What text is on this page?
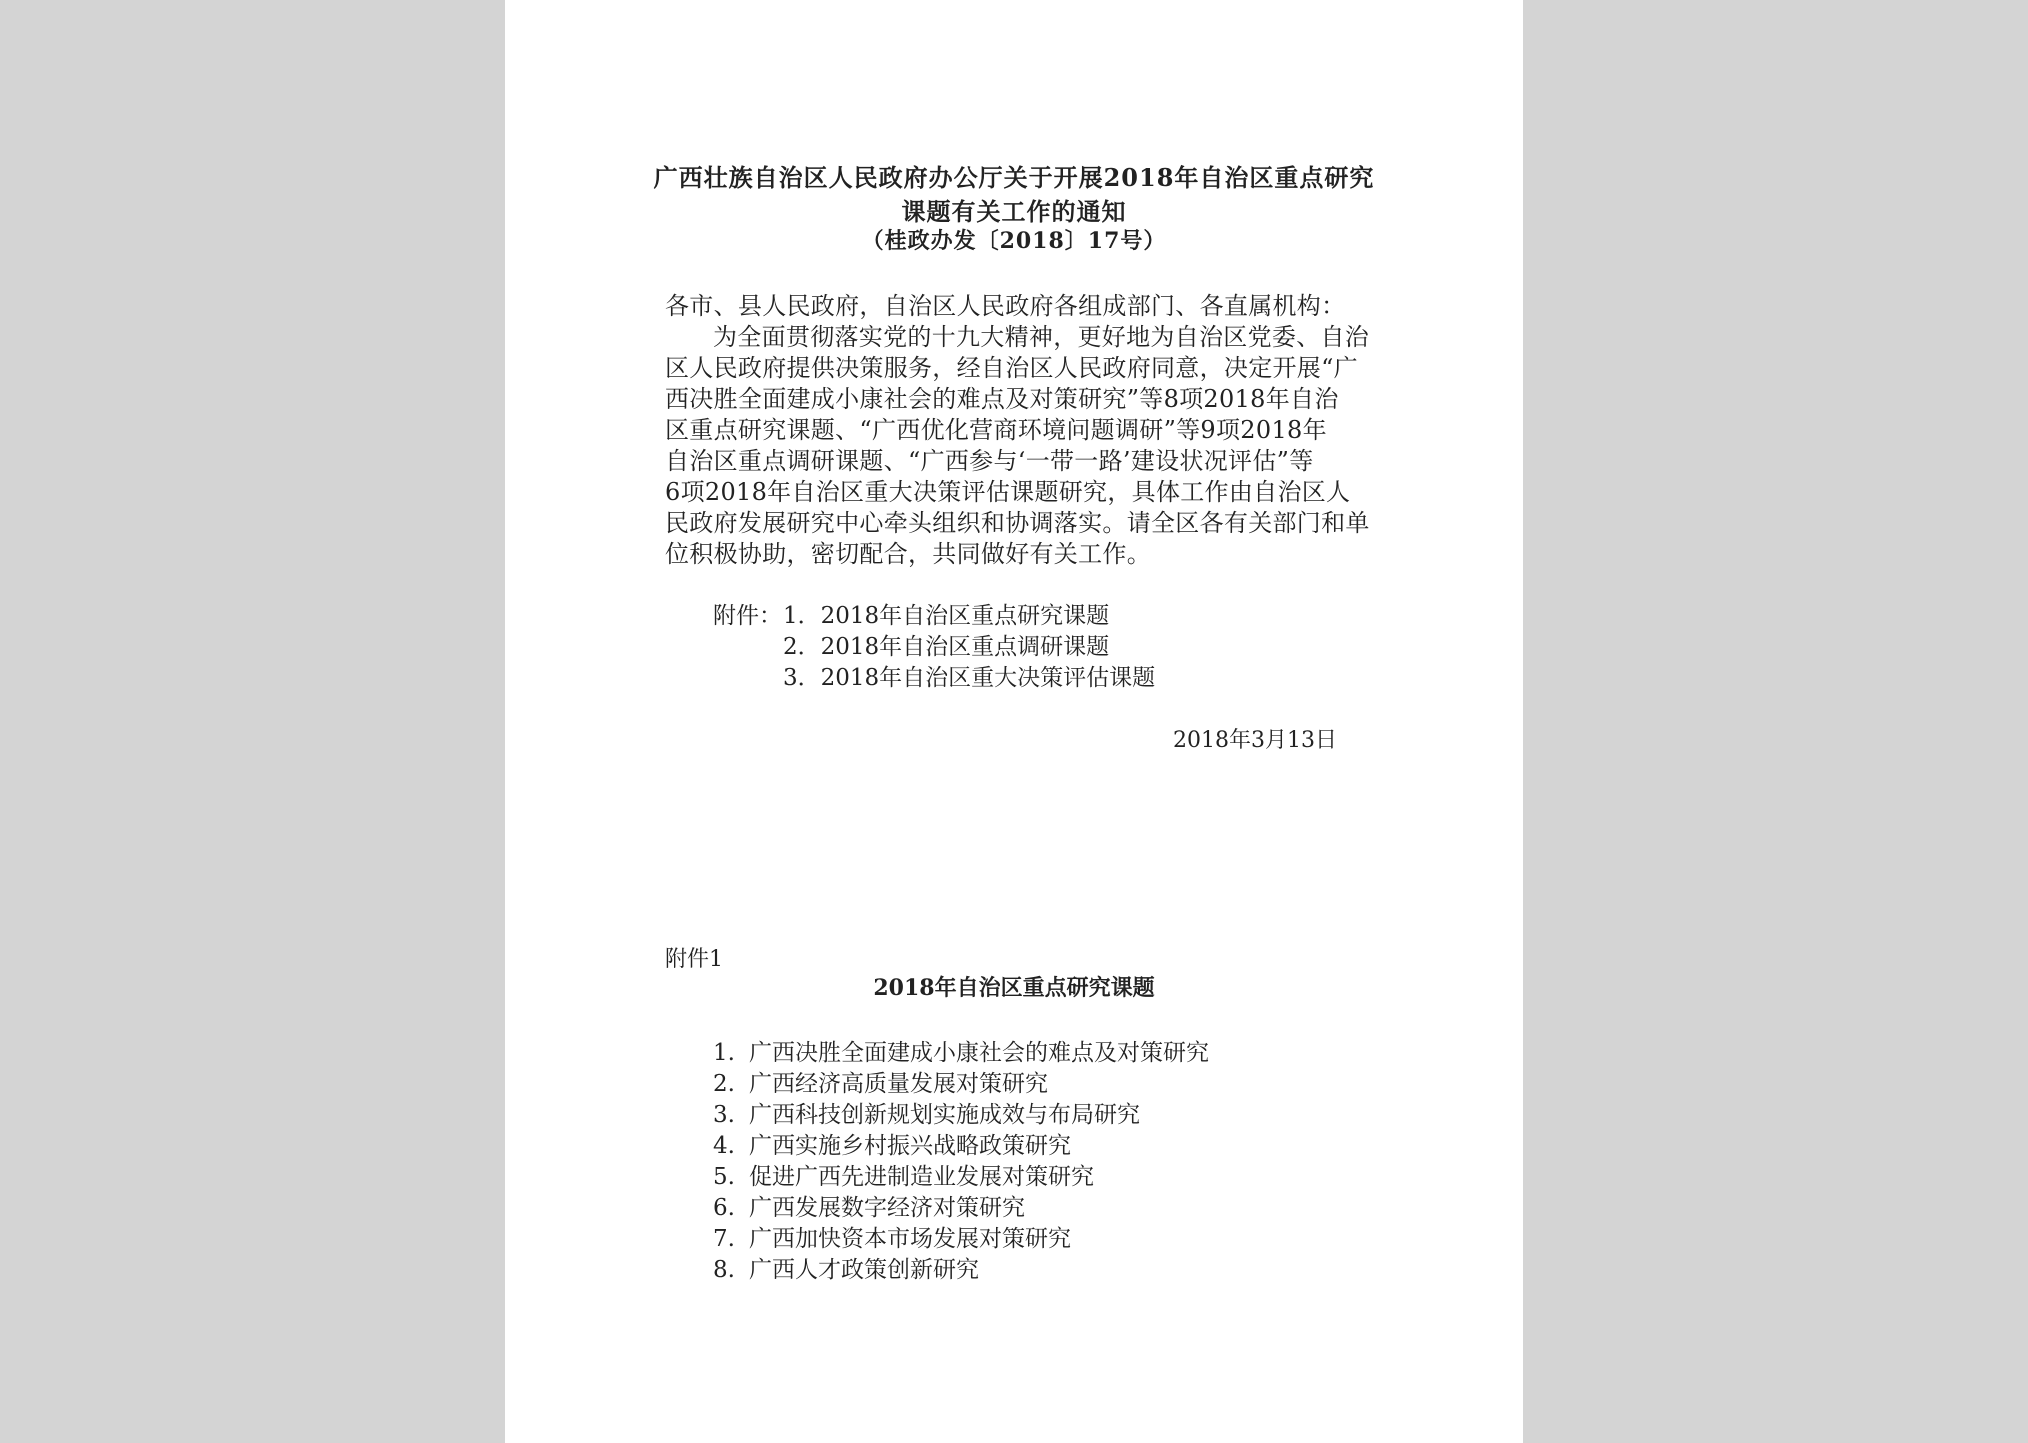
广西壮族自治区人民政府办公厅关于开展2018年自治区重点研究
课题有关工作的通知
（桂政办发〔2018〕17号）
各市、县人民政府，自治区人民政府各组成部门、各直属机构：
为全面贯彻落实党的十九大精神，更好地为自治区党委、自治
区人民政府提供决策服务，经自治区人民政府同意，决定开展“广
西决胜全面建成小康社会的难点及对策研究”等8项2018年自治
区重点研究课题、“广西优化营商环境问题调研”等9项2018年
自治区重点调研课题、“广西参与‘一带一路’建设状况评估”等
6项2018年自治区重大决策评估课题研究，具体工作由自治区人
民政府发展研究中心牵头组织和协调落实。请全区各有关部门和单
位积极协助，密切配合，共同做好有关工作。
附件： 1．2018年自治区重点研究课题
2．2018年自治区重点调研课题
3．2018年自治区重大决策评估课题
2018年3月13日
附件1
2018年自治区重点研究课题
1. 广西决胜全面建成小康社会的难点及对策研究
2. 广西经济高质量发展对策研究
3. 广西科技创新规划实施成效与布局研究
4. 广西实施乡村振兴战略政策研究
5. 促进广西先进制造业发展对策研究
6. 广西发展数字经济对策研究
7. 广西加快资本市场发展对策研究
8. 广西人才政策创新研究
